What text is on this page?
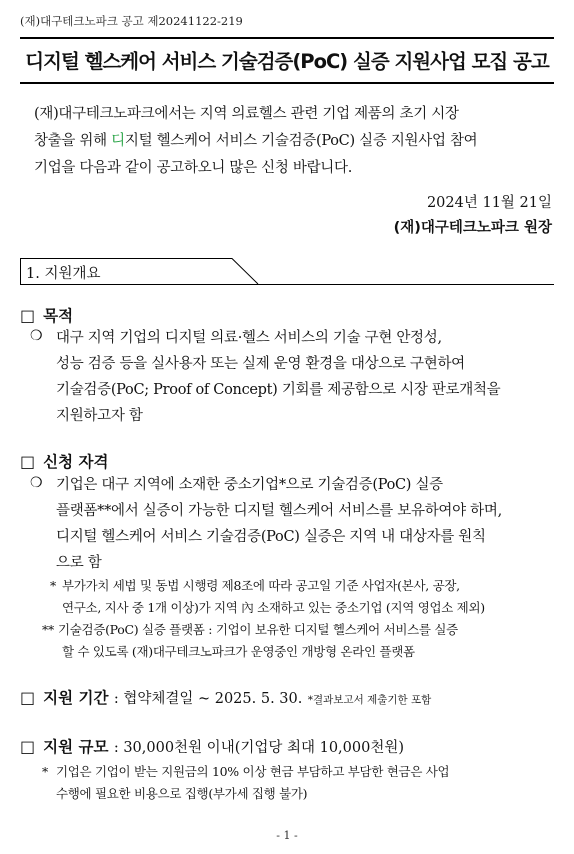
(재)대구테크노파크 공고 제20241122-219
디지털 헬스케어 서비스 기술검증(PoC) 실증 지원사업 모집 공고
(재)대구테크노파크에서는 지역 의료헬스 관련 기업 제품의 초기 시장
창출을 위해 디지털 헬스케어 서비스 기술검증(PoC) 실증 지원사업 참여
기업을 다음과 같이 공고하오니 많은 신청 바랍니다.
2024년 11월 21일
(재)대구테크노파크 원장
1. 지원개요
□ 목적
❍ 대구 지역 기업의 디지털 의료·헬스 서비스의 기술 구현 안정성,
성능 검증 등을 실사용자 또는 실제 운영 환경을 대상으로 구현하여
기술검증(PoC; Proof of Concept) 기회를 제공함으로 시장 판로개척을
지원하고자 함
□ 신청 자격
❍ 기업은 대구 지역에 소재한 중소기업*으로 기술검증(PoC) 실증
플랫폼**에서 실증이 가능한 디지털 헬스케어 서비스를 보유하여야 하며,
디지털 헬스케어 서비스 기술검증(PoC) 실증은 지역 내 대상자를 원칙
으로 함
* 부가가치 세법 및 동법 시행령 제8조에 따라 공고일 기준 사업자(본사, 공장,
연구소, 지사 중 1개 이상)가 지역 內 소재하고 있는 중소기업 (지역 영업소 제외)
** 기술검증(PoC) 실증 플랫폼 : 기업이 보유한 디지털 헬스케어 서비스를 실증
할 수 있도록 (재)대구테크노파크가 운영중인 개방형 온라인 플랫폼
□ 지원 기간 : 협약체결일 ~ 2025. 5. 30. *결과보고서 제출기한 포함
□ 지원 규모 : 30,000천원 이내(기업당 최대 10,000천원)
* 기업은 기업이 받는 지원금의 10% 이상 현금 부담하고 부담한 현금은 사업
수행에 필요한 비용으로 집행(부가세 집행 불가)
- 1 -
